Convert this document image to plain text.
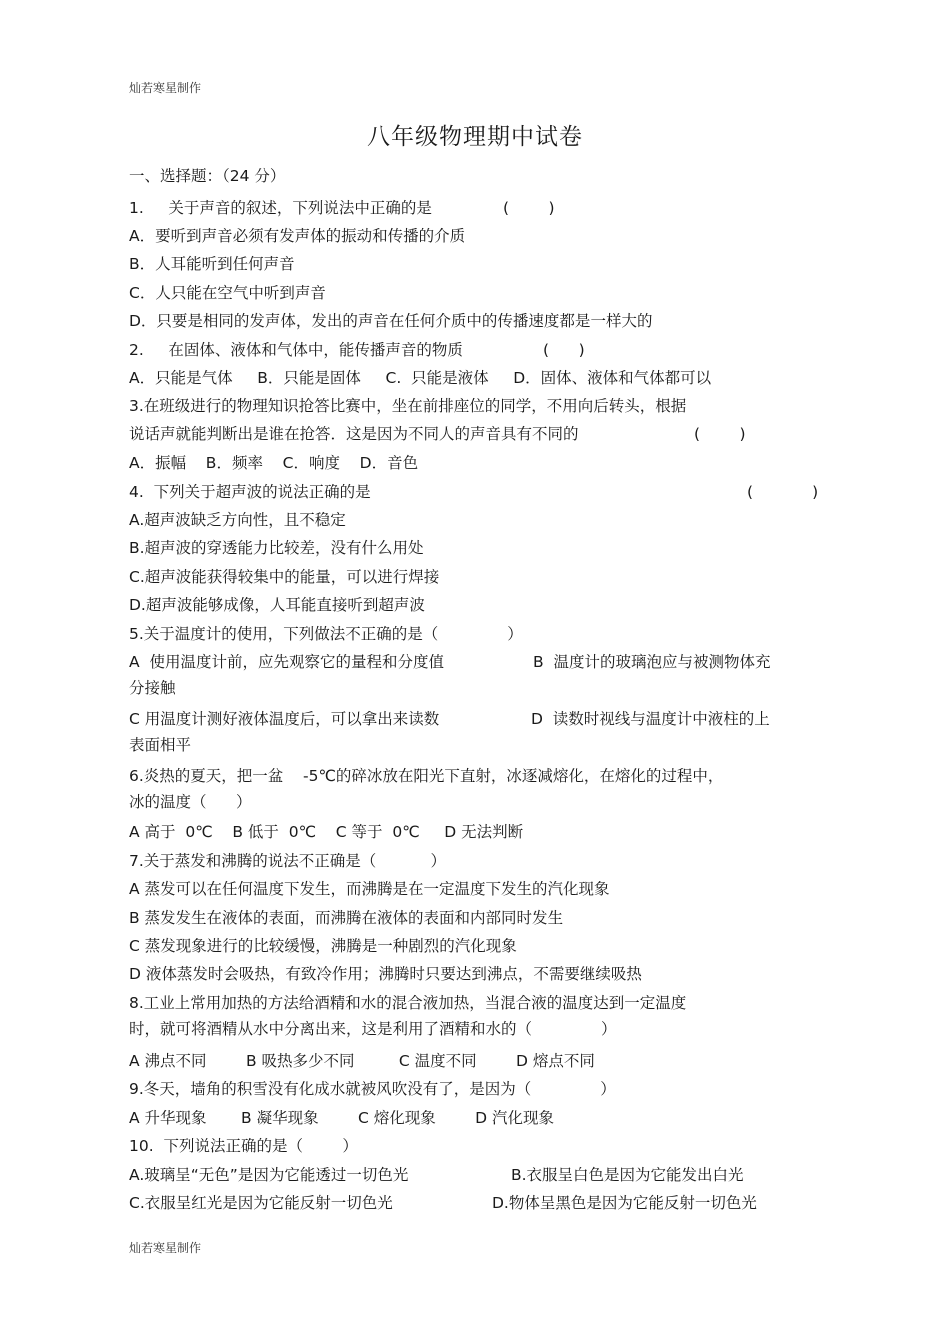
灿若寒星制作
八年级物理期中试卷
一、选择题：（24 分）
1.     关于声音的叙述，下列说法中正确的是	(        )
A．要听到声音必须有发声体的振动和传播的介质
B．人耳能听到任何声音
C．人只能在空气中听到声音
D．只要是相同的发声体，发出的声音在任何介质中的传播速度都是一样大的
2.     在固体、液体和气体中，能传播声音的物质	(      )
A．只能是气体     B．只能是固体     C.  只能是液体     D．固体、液体和气体都可以
3.在班级进行的物理知识抢答比赛中，坐在前排座位的同学，不用向后转头，根据
说话声就能判断出是谁在抢答．这是因为不同人的声音具有不同的	(        )
A．振幅    B．频率    C．响度    D．音色
4.  下列关于超声波的说法正确的是	(            )
A.超声波缺乏方向性，且不稳定
B.超声波的穿透能力比较差，没有什么用处
C.超声波能获得较集中的能量，可以进行焊接
D.超声波能够成像，人耳能直接听到超声波
5.关于温度计的使用，下列做法不正确的是（              ）
A  使用温度计前，应先观察它的量程和分度值	B  温度计的玻璃泡应与被测物体充
分接触
C 用温度计测好液体温度后，可以拿出来读数	D  读数时视线与温度计中液柱的上
表面相平
6.炎热的夏天，把一盆    -5℃的碎冰放在阳光下直射，冰逐减熔化，在熔化的过程中，
冰的温度（      ）
A 高于  0℃    B 低于  0℃    C 等于  0℃     D 无法判断
7.关于蒸发和沸腾的说法不正确是（           ）
A 蒸发可以在任何温度下发生，而沸腾是在一定温度下发生的汽化现象
B 蒸发发生在液体的表面，而沸腾在液体的表面和内部同时发生
C 蒸发现象进行的比较缓慢，沸腾是一种剧烈的汽化现象
D 液体蒸发时会吸热，有致冷作用；沸腾时只要达到沸点，不需要继续吸热
8.工业上常用加热的方法给酒精和水的混合液加热，当混合液的温度达到一定温度
时，就可将酒精从水中分离出来，这是利用了酒精和水的（              ）
A 沸点不同        B 吸热多少不同         C 温度不同        D 熔点不同
9.冬天，墙角的积雪没有化成水就被风吹没有了，是因为（              ）
A 升华现象       B 凝华现象        C 熔化现象        D 汽化现象
10.  下列说法正确的是（        ）
A.玻璃呈“无色”是因为它能透过一切色光	B.衣服呈白色是因为它能发出白光
C.衣服呈红光是因为它能反射一切色光	D.物体呈黑色是因为它能反射一切色光
灿若寒星制作
